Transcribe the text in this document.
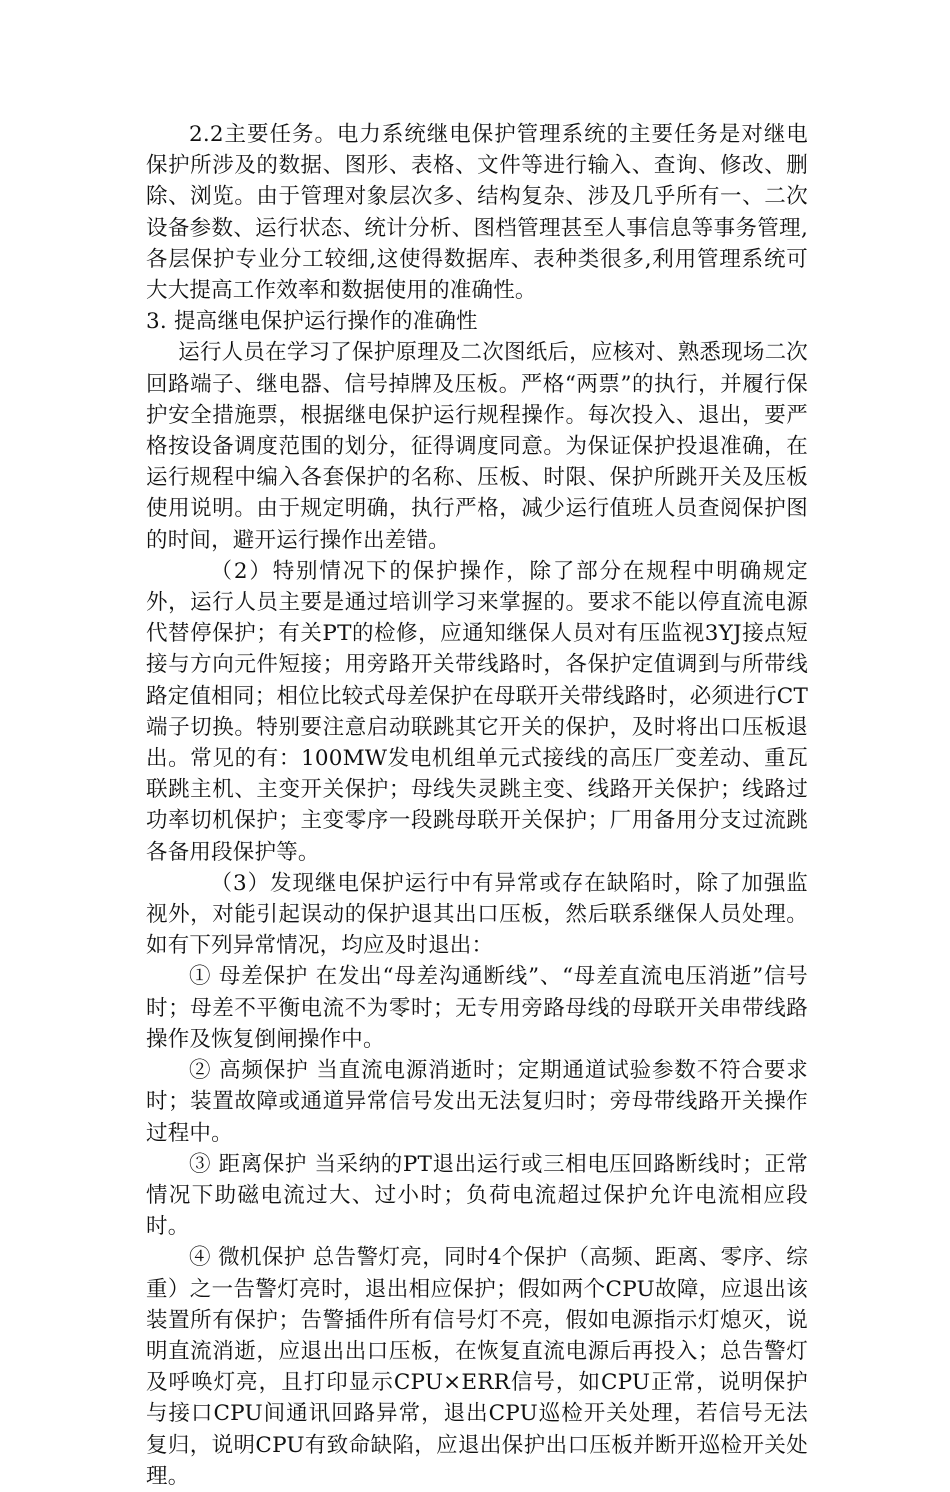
2.2主要任务。电力系统继电保护管理系统的主要任务是对继电保护所涉及的数据、图形、表格、文件等进行输入、查询、修改、删除、浏览。由于管理对象层次多、结构复杂、涉及几乎所有一、二次设备参数、运行状态、统计分析、图档管理甚至人事信息等事务管理,各层保护专业分工较细,这使得数据库、表种类很多,利用管理系统可大大提高工作效率和数据使用的准确性。

3. 提高继电保护运行操作的准确性

运行人员在学习了保护原理及二次图纸后，应核对、熟悉现场二次回路端子、继电器、信号掉牌及压板。严格“两票”的执行，并履行保护安全措施票，根据继电保护运行规程操作。每次投入、退出，要严格按设备调度范围的划分，征得调度同意。为保证保护投退准确，在运行规程中编入各套保护的名称、压板、时限、保护所跳开关及压板使用说明。由于规定明确，执行严格，减少运行值班人员查阅保护图的时间，避开运行操作出差错。

（2）特别情况下的保护操作，除了部分在规程中明确规定外，运行人员主要是通过培训学习来掌握的。要求不能以停直流电源代替停保护；有关PT的检修，应通知继保人员对有压监视3YJ接点短接与方向元件短接；用旁路开关带线路时，各保护定值调到与所带线路定值相同；相位比较式母差保护在母联开关带线路时，必须进行CT端子切换。特别要注意启动联跳其它开关的保护，及时将出口压板退出。常见的有：100MW发电机组单元式接线的高压厂变差动、重瓦联跳主机、主变开关保护；母线失灵跳主变、线路开关保护；线路过功率切机保护；主变零序一段跳母联开关保护；厂用备用分支过流跳各备用段保护等。

（3）发现继电保护运行中有异常或存在缺陷时，除了加强监视外，对能引起误动的保护退其出口压板，然后联系继保人员处理。如有下列异常情况，均应及时退出：

① 母差保护 在发出“母差沟通断线”、“母差直流电压消逝”信号时；母差不平衡电流不为零时；无专用旁路母线的母联开关串带线路操作及恢复倒闸操作中。

② 高频保护 当直流电源消逝时；定期通道试验参数不符合要求时；装置故障或通道异常信号发出无法复归时；旁母带线路开关操作过程中。

③ 距离保护 当采纳的PT退出运行或三相电压回路断线时；正常情况下助磁电流过大、过小时；负荷电流超过保护允许电流相应段时。

④ 微机保护 总告警灯亮，同时4个保护（高频、距离、零序、综重）之一告警灯亮时，退出相应保护；假如两个CPU故障，应退出该装置所有保护；告警插件所有信号灯不亮，假如电源指示灯熄灭，说明直流消逝，应退出出口压板，在恢复直流电源后再投入；总告警灯及呼唤灯亮，且打印显示CPU×ERR信号，如CPU正常，说明保护与接口CPU间通讯回路异常，退出CPU巡检开关处理，若信号无法复归，说明CPU有致命缺陷，应退出保护出口压板并断开巡检开关处理。
